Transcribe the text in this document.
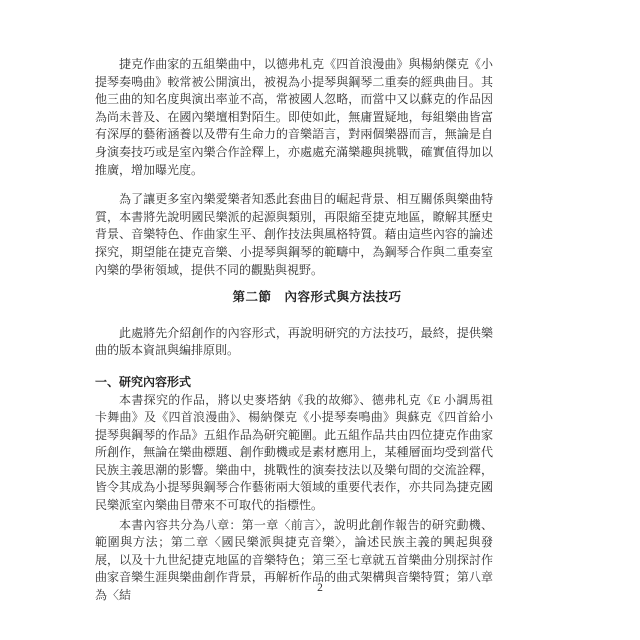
捷克作曲家的五組樂曲中，以德弗札克《四首浪漫曲》與楊納傑克《小提琴奏鳴曲》較常被公開演出，被視為小提琴與鋼琴二重奏的經典曲目。其他三曲的知名度與演出率並不高，常被國人忽略，而當中又以蘇克的作品因為尚未普及、在國內樂壇相對陌生。即使如此，無庸置疑地，每組樂曲皆富有深厚的藝術涵養以及帶有生命力的音樂語言，對兩個樂器而言，無論是自身演奏技巧或是室內樂合作詮釋上，亦處處充滿樂趣與挑戰，確實值得加以推廣，增加曝光度。

為了讓更多室內樂愛樂者知悉此套曲目的崛起背景、相互關係與樂曲特質，本書將先說明國民樂派的起源與類別，再限縮至捷克地區，瞭解其歷史背景、音樂特色、作曲家生平、創作技法與風格特質。藉由這些內容的論述探究，期望能在捷克音樂、小提琴與鋼琴的範疇中，為鋼琴合作與二重奏室內樂的學術領域，提供不同的觀點與視野。

第二節　內容形式與方法技巧

此處將先介紹創作的內容形式，再說明研究的方法技巧，最終，提供樂曲的版本資訊與編排原則。

一、研究內容形式

本書探究的作品，將以史麥塔納《我的故鄉》、德弗札克《E 小調馬祖卡舞曲》及《四首浪漫曲》、楊納傑克《小提琴奏鳴曲》與蘇克《四首給小提琴與鋼琴的作品》五組作品為研究範圍。此五組作品共由四位捷克作曲家所創作，無論在樂曲標題、創作動機或是素材應用上，某種層面均受到當代民族主義思潮的影響。樂曲中，挑戰性的演奏技法以及樂句間的交流詮釋，皆令其成為小提琴與鋼琴合作藝術兩大領域的重要代表作，亦共同為捷克國民樂派室內樂曲目帶來不可取代的指標性。

本書內容共分為八章：第一章〈前言〉，說明此創作報告的研究動機、範圍與方法；第二章〈國民樂派與捷克音樂〉，論述民族主義的興起與發展，以及十九世紀捷克地區的音樂特色；第三至七章就五首樂曲分別探討作曲家音樂生涯與樂曲創作背景，再解析作品的曲式架構與音樂特質；第八章為〈結

2
